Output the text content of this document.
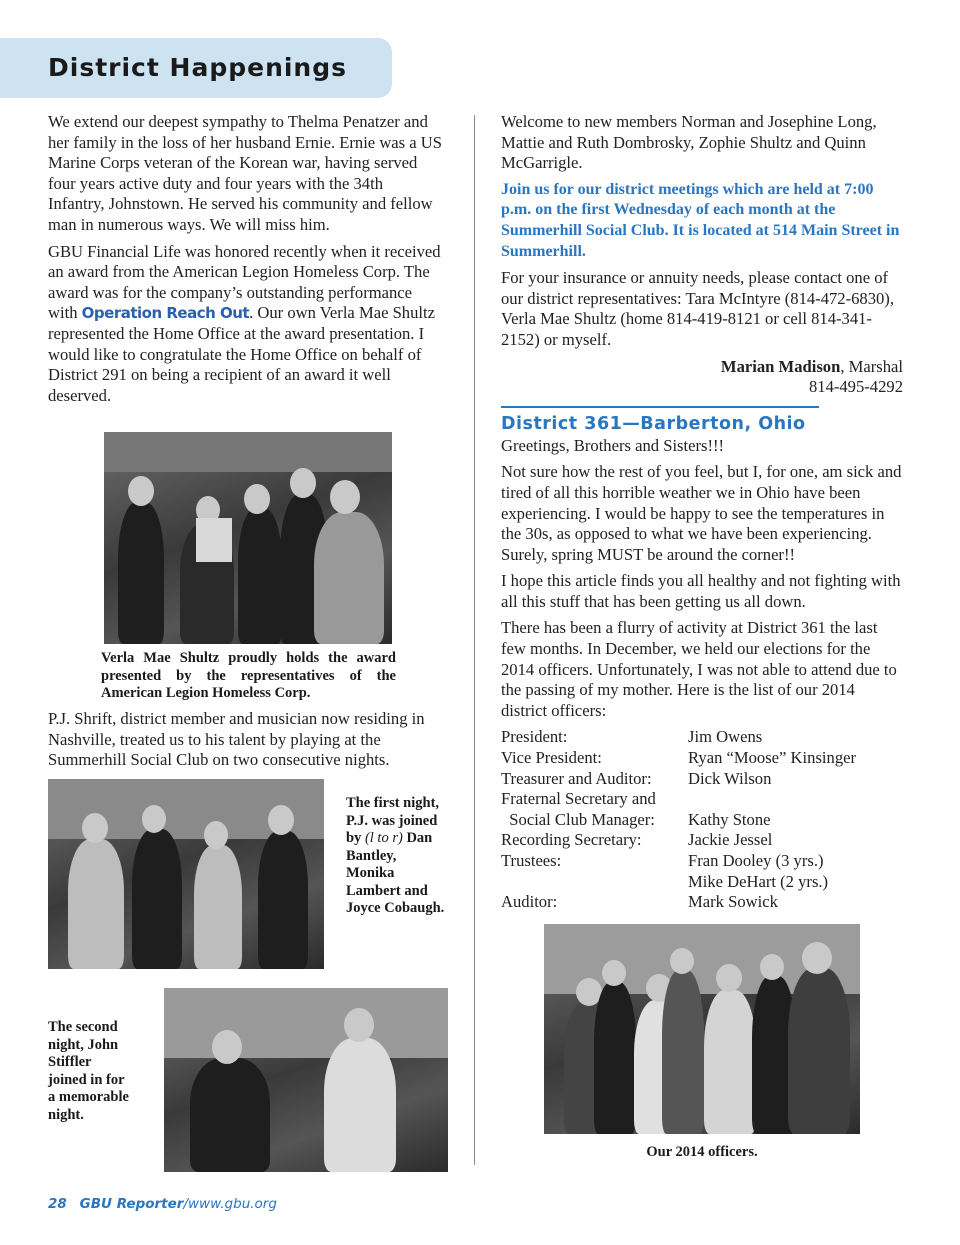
District Happenings

We extend our deepest sympathy to Thelma Penatzer and her family in the loss of her husband Ernie. Ernie was a US Marine Corps veteran of the Korean war, having served four years active duty and four years with the 34th Infantry, Johnstown. He served his community and fellow man in numerous ways. We will miss him.

GBU Financial Life was honored recently when it received an award from the American Legion Homeless Corp. The award was for the company’s outstanding performance with Operation Reach Out. Our own Verla Mae Shultz represented the Home Office at the award presentation. I would like to congratulate the Home Office on behalf of District 291 on being a recipient of an award it well deserved.

Verla Mae Shultz proudly holds the award presented by the representatives of the American Legion Homeless Corp.

P.J. Shrift, district member and musician now residing in Nashville, treated us to his talent by playing at the Summerhill Social Club on two consecutive nights.

The first night, P.J. was joined by (l to r) Dan Bantley, Monika Lambert and Joyce Cobaugh.
The second night, John Stiffler joined in for a memorable night.

Welcome to new members Norman and Josephine Long, Mattie and Ruth Dombrosky, Zophie Shultz and Quinn McGarrigle.

Join us for our district meetings which are held at 7:00 p.m. on the first Wednesday of each month at the Summerhill Social Club. It is located at 514 Main Street in Summerhill.

For your insurance or annuity needs, please contact one of our district representatives: Tara McIntyre (814-472-6830), Verla Mae Shultz (home 814-419-8121 or cell 814-341-2152) or myself.

Marian Madison, Marshal
814-495-4292
District 361—Barberton, Ohio

Greetings, Brothers and Sisters!!!

Not sure how the rest of you feel, but I, for one, am sick and tired of all this horrible weather we in Ohio have been experiencing. I would be happy to see the temperatures in the 30s, as opposed to what we have been experiencing. Surely, spring MUST be around the corner!!

I hope this article finds you all healthy and not fighting with all this stuff that has been getting us all down.

There has been a flurry of activity at District 361 the last few months. In December, we held our elections for the 2014 officers. Unfortunately, I was not able to attend due to the passing of my mother. Here is the list of our 2014 district officers:

President:	Jim Owens
Vice President:	Ryan “Moose” Kinsinger
Treasurer and Auditor:	Dick Wilson
Fraternal Secretary and
Social Club Manager:	Kathy Stone
Recording Secretary:	Jackie Jessel
Trustees:	Fran Dooley (3 yrs.)
Mike DeHart (2 yrs.)
Auditor:	Mark Sowick
Our 2014 officers.
28 GBU Reporter/www.gbu.org
